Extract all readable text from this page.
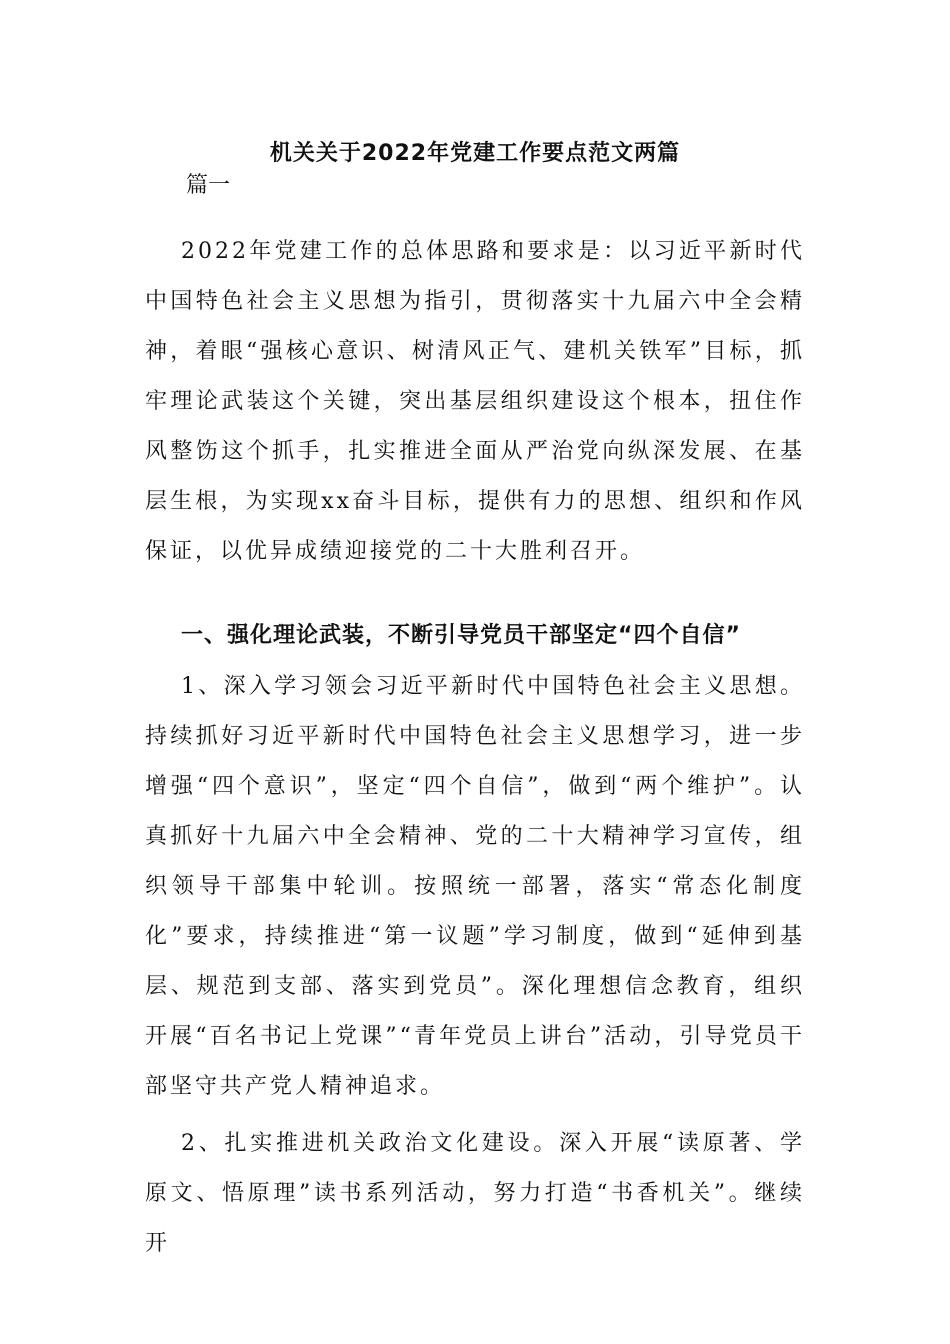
机关关于2022年党建工作要点范文两篇

篇一

2022年党建工作的总体思路和要求是：以习近平新时代中国特色社会主义思想为指引，贯彻落实十九届六中全会精神，着眼“强核心意识、树清风正气、建机关铁军”目标，抓牢理论武装这个关键，突出基层组织建设这个根本，扭住作风整饬这个抓手，扎实推进全面从严治党向纵深发展、在基层生根，为实现xx奋斗目标，提供有力的思想、组织和作风保证，以优异成绩迎接党的二十大胜利召开。

一、强化理论武装，不断引导党员干部坚定“四个自信”

1、深入学习领会习近平新时代中国特色社会主义思想。持续抓好习近平新时代中国特色社会主义思想学习，进一步增强“四个意识”，坚定“四个自信”，做到“两个维护”。认真抓好十九届六中全会精神、党的二十大精神学习宣传，组织领导干部集中轮训。按照统一部署，落实“常态化制度化”要求，持续推进“第一议题”学习制度，做到“延伸到基层、规范到支部、落实到党员”。深化理想信念教育，组织开展“百名书记上党课”“青年党员上讲台”活动，引导党员干部坚守共产党人精神追求。

2、扎实推进机关政治文化建设。深入开展“读原著、学原文、悟原理”读书系列活动，努力打造“书香机关”。继续开
